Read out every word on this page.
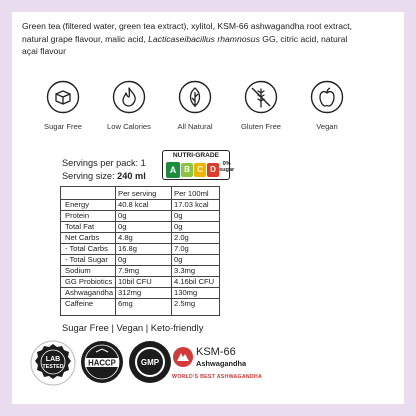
Green tea (filtered water, green tea extract), xylitol, KSM-66 ashwagandha root extract, natural grape flavour, malic acid, Lacticaseibacillus rhamnosus GG, citric acid, natural açai flavour

Sugar Free	Low Calories	All Natural	Gluten Free	Vegan
Servings per pack: 1
Serving size: 240 ml
NUTRI-GRADE
A B C D
0%
sugar
Per serving Per 100ml
Energy	40.8 kcal	17.03 kcal
Protein	0g	0g
Total Fat	0g	0g
Net Carbs 4.8g	2.0g
- Total Carbs 16.8g	7.0g
- Total Sugar 0g	0g
Sodium	7.9mg	3.3mg
GG Probiotics 10bil CFU	4.16bil CFU
Ashwagandha 312mg	130mg
Caffeine	6mg	2.5mg
Sugar Free | Vegan | Keto-friendly
LAB
TESTED	HACCP	GMP
KSM-66
Ashwagandha
WORLD'S BEST ASHWAGANDHA
